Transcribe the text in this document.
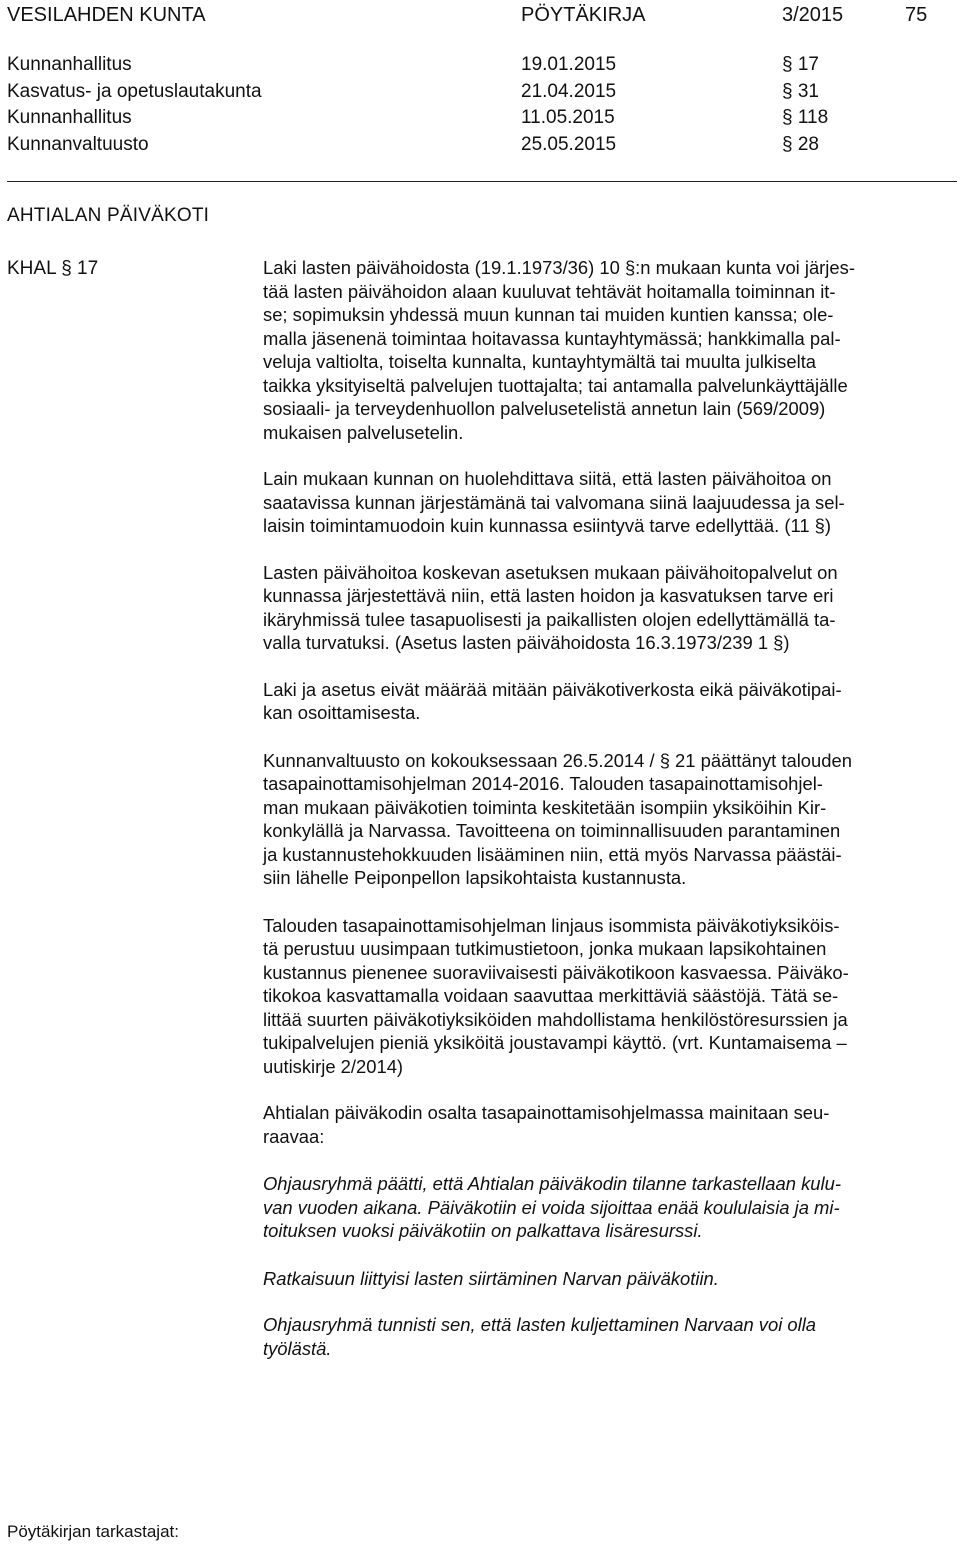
VESILAHDEN KUNTA	PÖYTÄKIRJA	3/2015	75
Kunnanhallitus	19.01.2015	§ 17
Kasvatus- ja opetuslautakunta	21.04.2015	§ 31
Kunnanhallitus	11.05.2015	§ 118
Kunnanvaltuusto	25.05.2015	§ 28
AHTIALAN PÄIVÄKOTI
KHAL § 17	Laki lasten päivähoidosta (19.1.1973/36) 10 §:n mukaan kunta voi järjes-
tää lasten päivähoidon alaan kuuluvat tehtävät hoitamalla toiminnan it-
se; sopimuksin yhdessä muun kunnan tai muiden kuntien kanssa; ole-
malla jäsenenä toimintaa hoitavassa kuntayhtymässä; hankkimalla pal-
veluja valtiolta, toiselta kunnalta, kuntayhtymältä tai muulta julkiselta
taikka yksityiseltä palvelujen tuottajalta; tai antamalla palvelunkäyttäjälle
sosiaali- ja terveydenhuollon palvelusetelistä annetun lain (569/2009)
mukaisen palvelusetelin.
Lain mukaan kunnan on huolehdittava siitä, että lasten päivähoitoa on
saatavissa kunnan järjestämänä tai valvomana siinä laajuudessa ja sel-
laisin toimintamuodoin kuin kunnassa esiintyvä tarve edellyttää. (11 §)
Lasten päivähoitoa koskevan asetuksen mukaan päivähoitopalvelut on
kunnassa järjestettävä niin, että lasten hoidon ja kasvatuksen tarve eri
ikäryhmissä tulee tasapuolisesti ja paikallisten olojen edellyttämällä ta-
valla turvatuksi. (Asetus lasten päivähoidosta 16.3.1973/239 1 §)
Laki ja asetus eivät määrää mitään päiväkotiverkosta eikä päiväkotipai-
kan osoittamisesta.
Kunnanvaltuusto on kokouksessaan 26.5.2014 / § 21 päättänyt talouden
tasapainottamisohjelman 2014-2016. Talouden tasapainottamisohjel-
man mukaan päiväkotien toiminta keskitetään isompiin yksiköihin Kir-
konkylällä ja Narvassa. Tavoitteena on toiminnallisuuden parantaminen
ja kustannustehokkuuden lisääminen niin, että myös Narvassa päästäi-
siin lähelle Peiponpellon lapsikohtaista kustannusta.
Talouden tasapainottamisohjelman linjaus isommista päiväkotiyksiköis-
tä perustuu uusimpaan tutkimustietoon, jonka mukaan lapsikohtainen
kustannus pienenee suoraviivaisesti päiväkotikoon kasvaessa. Päiväko-
tikokoa kasvattamalla voidaan saavuttaa merkittäviä säästöjä. Tätä se-
littää suurten päiväkotiyksiköiden mahdollistama henkilöstöresurssien ja
tukipalvelujen pieniä yksiköitä joustavampi käyttö. (vrt. Kuntamaisema –
uutiskirje 2/2014)
Ahtialan päiväkodin osalta tasapainottamisohjelmassa mainitaan seu-
raavaa:
Ohjausryhmä päätti, että Ahtialan päiväkodin tilanne tarkastellaan kulu-
van vuoden aikana. Päiväkotiin ei voida sijoittaa enää koululaisia ja mi-
toituksen vuoksi päiväkotiin on palkattava lisäresurssi.
Ratkaisuun liittyisi lasten siirtäminen Narvan päiväkotiin.
Ohjausryhmä tunnisti sen, että lasten kuljettaminen Narvaan voi olla
työlästä.
Pöytäkirjan tarkastajat:
